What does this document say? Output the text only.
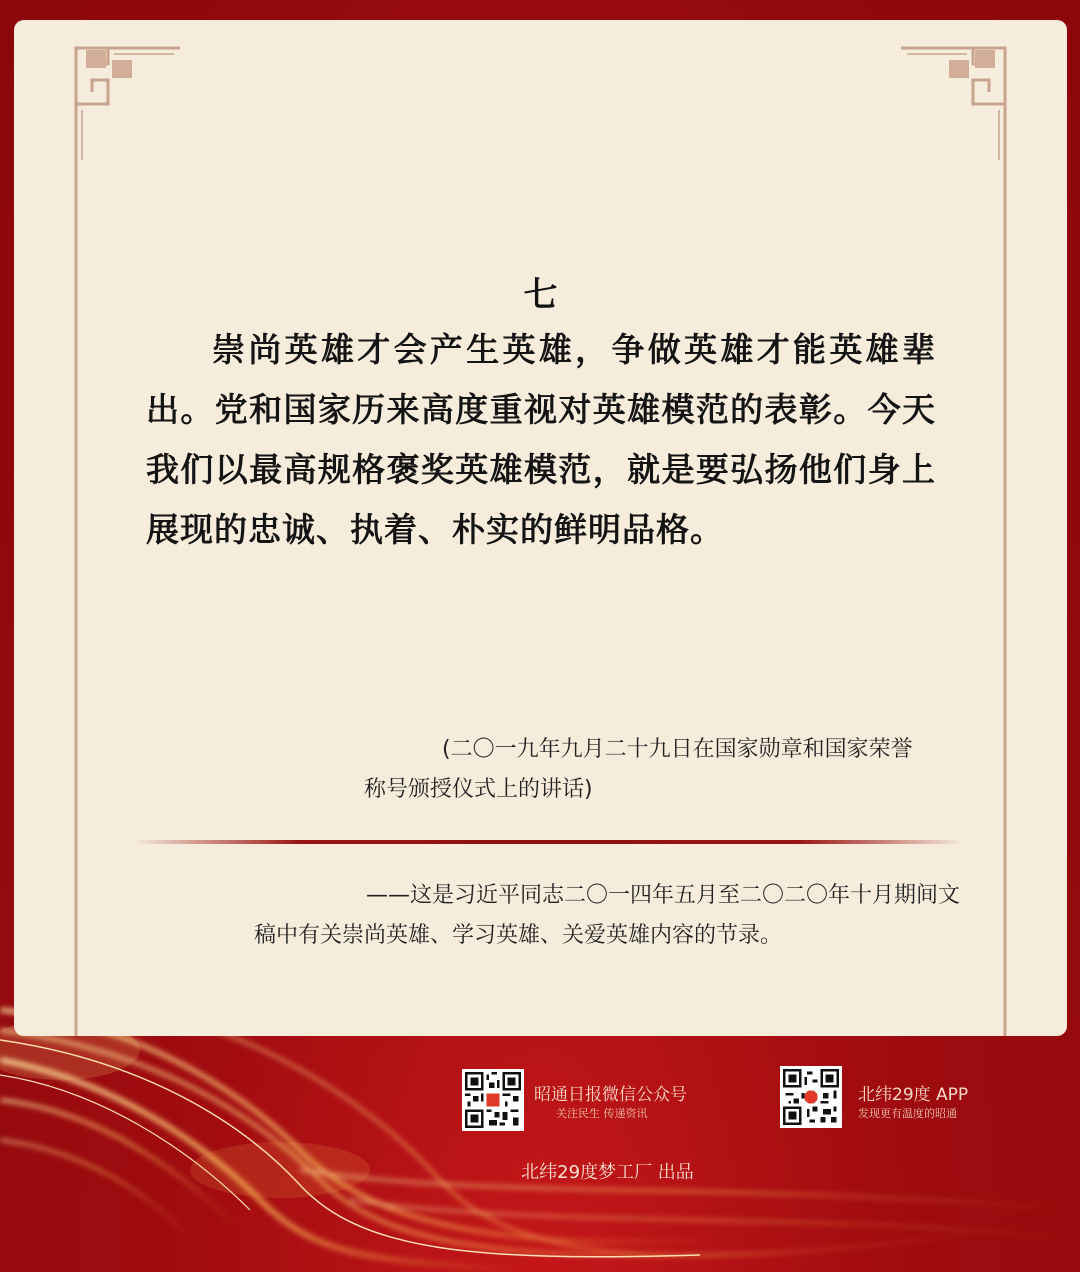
七

崇尚英雄才会产生英雄，争做英雄才能英雄辈出。党和国家历来高度重视对英雄模范的表彰。今天我们以最高规格褒奖英雄模范，就是要弘扬他们身上展现的忠诚、执着、朴实的鲜明品格。

(二〇一九年九月二十九日在国家勋章和国家荣誉称号颁授仪式上的讲话)

——这是习近平同志二〇一四年五月至二〇二〇年十月期间文稿中有关崇尚英雄、学习英雄、关爱英雄内容的节录。

昭通日报微信公众号
关注民生 传递资讯
北纬29度 APP
发现更有温度的昭通
北纬29度梦工厂 出品
